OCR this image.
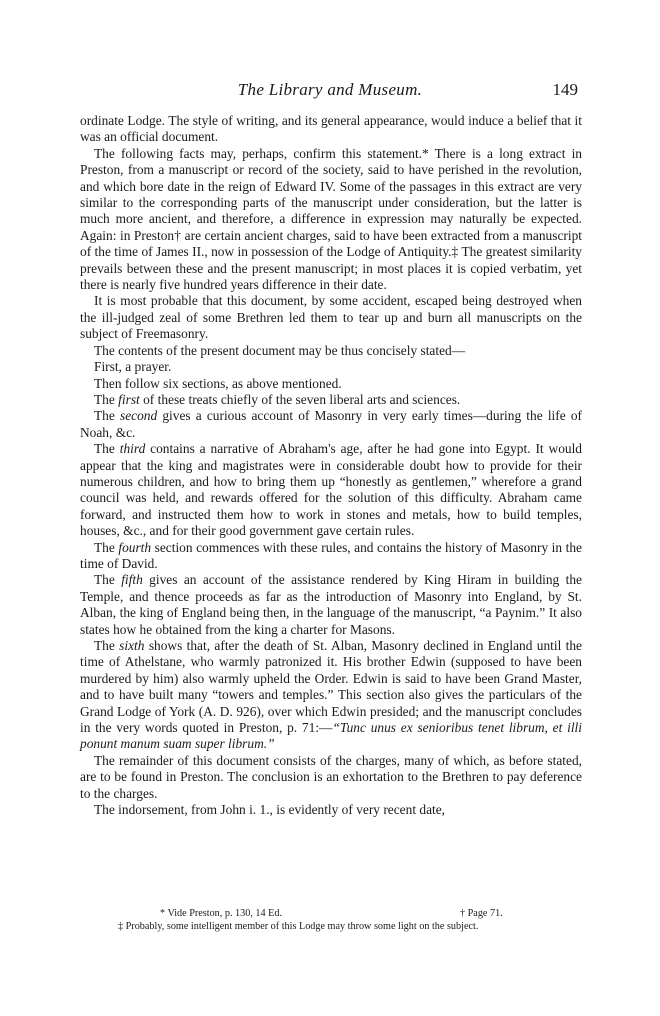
The Library and Museum.	149

ordinate Lodge. The style of writing, and its general appearance, would induce a belief that it was an official document.

The following facts may, perhaps, confirm this statement.* There is a long extract in Preston, from a manuscript or record of the society, said to have perished in the revolution, and which bore date in the reign of Edward IV. Some of the passages in this extract are very similar to the corresponding parts of the manuscript under consideration, but the latter is much more ancient, and therefore, a difference in expression may naturally be expected. Again: in Preston† are certain ancient charges, said to have been extracted from a manuscript of the time of James II., now in possession of the Lodge of Antiquity.‡ The greatest similarity prevails between these and the present manuscript; in most places it is copied verbatim, yet there is nearly five hundred years difference in their date.

It is most probable that this document, by some accident, escaped being destroyed when the ill-judged zeal of some Brethren led them to tear up and burn all manuscripts on the subject of Freemasonry.

The contents of the present document may be thus concisely stated—

First, a prayer.

Then follow six sections, as above mentioned.

The first of these treats chiefly of the seven liberal arts and sciences.

The second gives a curious account of Masonry in very early times—during the life of Noah, &c.

The third contains a narrative of Abraham's age, after he had gone into Egypt. It would appear that the king and magistrates were in considerable doubt how to provide for their numerous children, and how to bring them up “honestly as gentlemen,” wherefore a grand council was held, and rewards offered for the solution of this difficulty. Abraham came forward, and instructed them how to work in stones and metals, how to build temples, houses, &c., and for their good government gave certain rules.

The fourth section commences with these rules, and contains the history of Masonry in the time of David.

The fifth gives an account of the assistance rendered by King Hiram in building the Temple, and thence proceeds as far as the introduction of Masonry into England, by St. Alban, the king of England being then, in the language of the manuscript, “a Paynim.” It also states how he obtained from the king a charter for Masons.

The sixth shows that, after the death of St. Alban, Masonry declined in England until the time of Athelstane, who warmly patronized it. His brother Edwin (supposed to have been murdered by him) also warmly upheld the Order. Edwin is said to have been Grand Master, and to have built many “towers and temples.” This section also gives the particulars of the Grand Lodge of York (A. D. 926), over which Edwin presided; and the manuscript concludes in the very words quoted in Preston, p. 71:—“Tunc unus ex senioribus tenet librum, et illi ponunt manum suam super librum.”

The remainder of this document consists of the charges, many of which, as before stated, are to be found in Preston. The conclusion is an exhortation to the Brethren to pay deference to the charges.

The indorsement, from John i. 1., is evidently of very recent date,

* Vide Preston, p. 130, 14 Ed.	† Page 71.
‡ Probably, some intelligent member of this Lodge may throw some light on the subject.
